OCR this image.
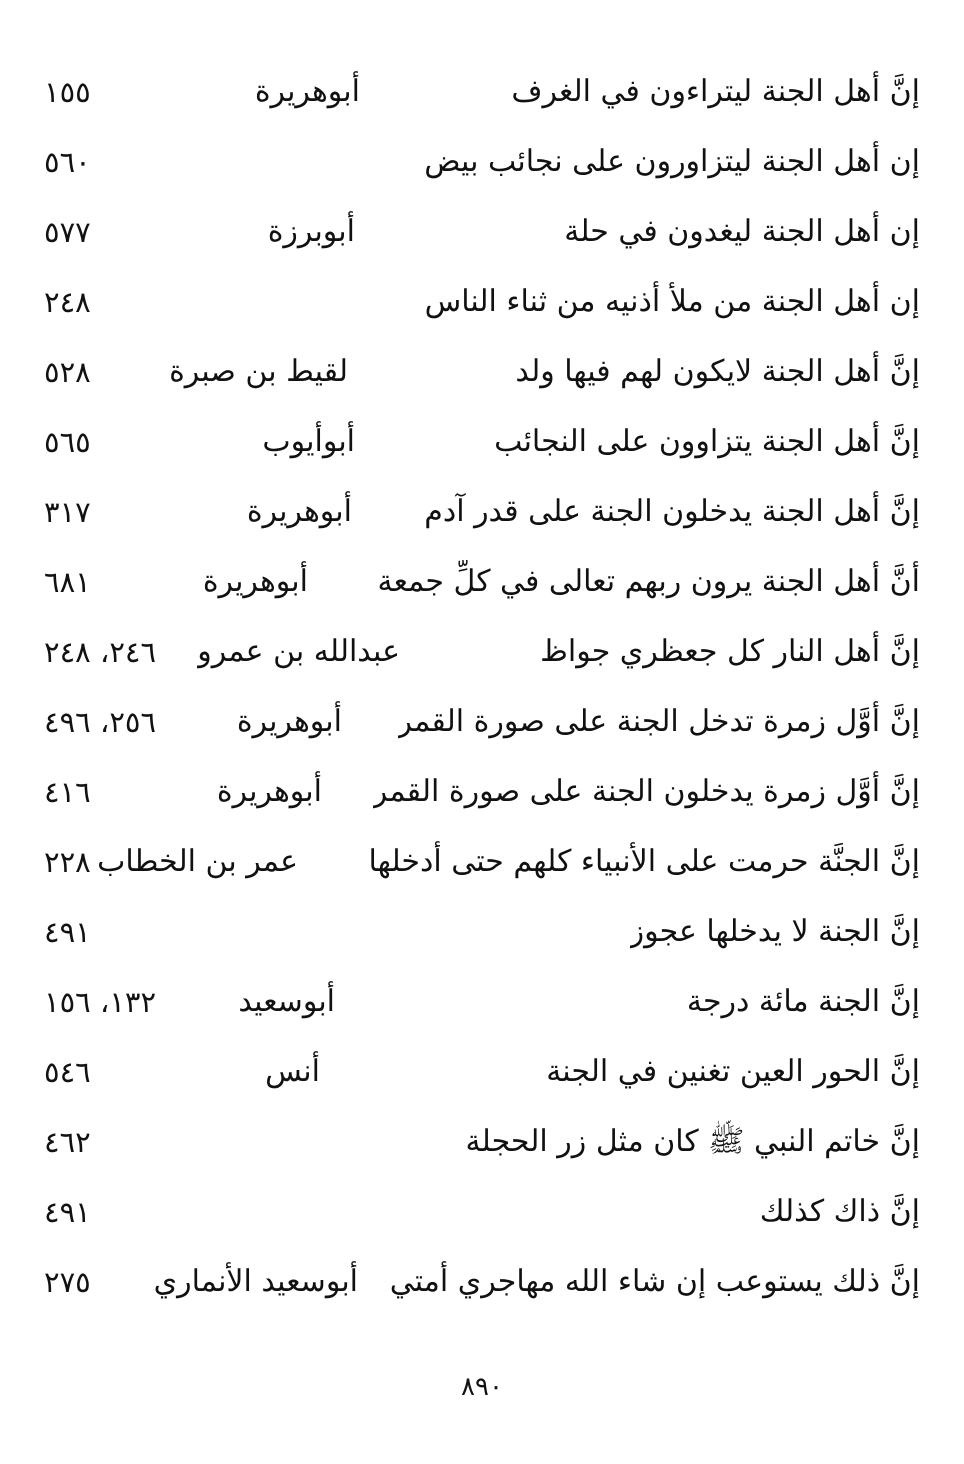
إنَّ أهل الجنة ليتراءون في الغرف
أبوهريرة
١٥٥
إن أهل الجنة ليتزاورون على نجائب بيض
٥٦٠
إن أهل الجنة ليغدون في حلة
أبوبرزة
٥٧٧
إن أهل الجنة من ملأ أذنيه من ثناء الناس
٢٤٨
إنَّ أهل الجنة لايكون لهم فيها ولد
لقيط بن صبرة
٥٢٨
إنَّ أهل الجنة يتزاوون على النجائب
أبوأيوب
٥٦٥
إنَّ أهل الجنة يدخلون الجنة على قدر آدم
أبوهريرة
٣١٧
أنَّ أهل الجنة يرون ربهم تعالى في كلِّ جمعة
أبوهريرة
٦٨١
إنَّ أهل النار كل جعظري جواظ
عبدالله بن عمرو
٢٤٦، ٢٤٨
إنَّ أوَّل زمرة تدخل الجنة على صورة القمر
أبوهريرة
٢٥٦، ٤٩٦
إنَّ أوَّل زمرة يدخلون الجنة على صورة القمر
أبوهريرة
٤١٦
إنَّ الجنَّة حرمت على الأنبياء كلهم حتى أدخلها
عمر بن الخطاب
٢٢٨
إنَّ الجنة لا يدخلها عجوز
٤٩١
إنَّ الجنة مائة درجة
أبوسعيد
١٣٢، ١٥٦
إنَّ الحور العين تغنين في الجنة
أنس
٥٤٦
إنَّ خاتم النبي ﷺ كان مثل زر الحجلة
٤٦٢
إنَّ ذاك كذلك
٤٩١
إنَّ ذلك يستوعب إن شاء الله مهاجري أمتي
أبوسعيد الأنماري
٢٧٥
٨٩٠
